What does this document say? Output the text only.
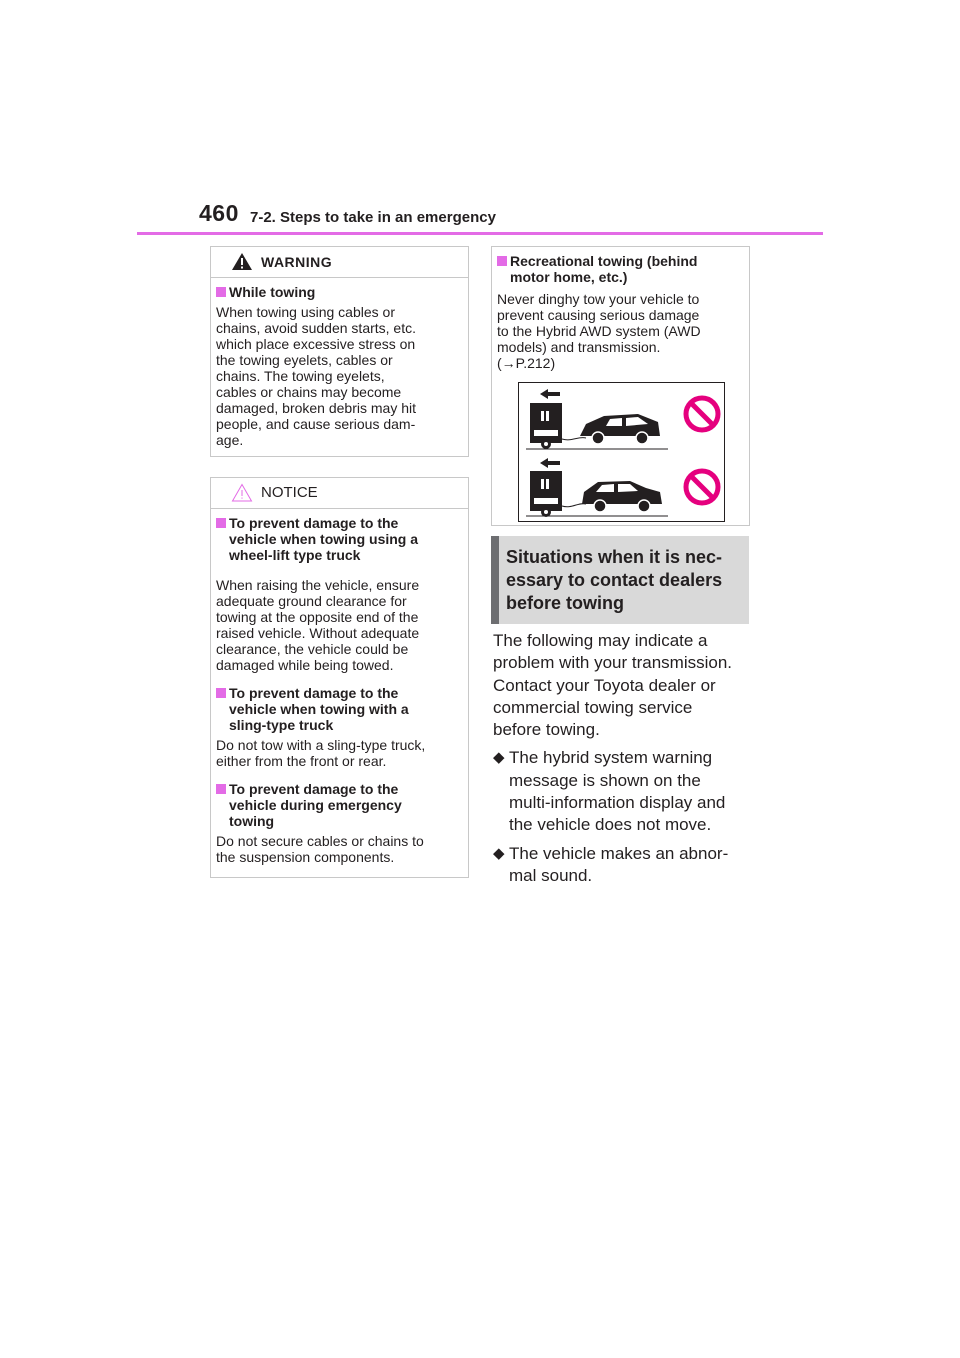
460 7-2. Steps to take in an emergency
WARNING
While towing

When towing using cables or
chains, avoid sudden starts, etc.
which place excessive stress on
the towing eyelets, cables or
chains. The towing eyelets,
cables or chains may become
damaged, broken debris may hit
people, and cause serious dam-
age.

NOTICE
To prevent damage to the
vehicle when towing using a
wheel-lift type truck

When raising the vehicle, ensure
adequate ground clearance for
towing at the opposite end of the
raised vehicle. Without adequate
clearance, the vehicle could be
damaged while being towed.

To prevent damage to the
vehicle when towing with a
sling-type truck

Do not tow with a sling-type truck,
either from the front or rear.

To prevent damage to the
vehicle during emergency
towing

Do not secure cables or chains to
the suspension components.

Recreational towing (behind
motor home, etc.)

Never dinghy tow your vehicle to
prevent causing serious damage
to the Hybrid AWD system (AWD
models) and transmission.
(→P.212)

Situations when it is nec-
essary to contact dealers
before towing

The following may indicate a
problem with your transmission.
Contact your Toyota dealer or
commercial towing service
before towing.

◆ The hybrid system warning
message is shown on the
multi-information display and
the vehicle does not move.
◆ The vehicle makes an abnor-
mal sound.
